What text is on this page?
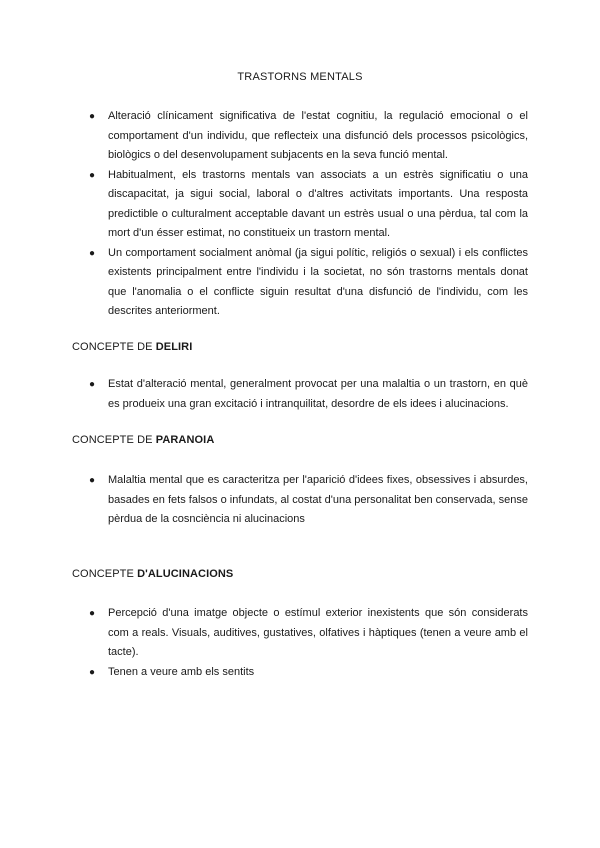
TRASTORNS MENTALS
● Alteració clínicament significativa de l'estat cognitiu, la regulació emocional o el comportament d'un individu, que reflecteix una disfunció dels processos psicològics, biològics o del desenvolupament subjacents en la seva funció mental.
● Habitualment, els trastorns mentals van associats a un estrès significatiu o una discapacitat, ja sigui social, laboral o d'altres activitats importants. Una resposta predictible o culturalment acceptable davant un estrès usual o una pèrdua, tal com la mort d'un ésser estimat, no constitueix un trastorn mental.
● Un comportament socialment anòmal (ja sigui polític, religiós o sexual) i els conflictes existents principalment entre l'individu i la societat, no són trastorns mentals donat que l'anomalia o el conflicte siguin resultat d'una disfunció de l'individu, com les descrites anteriorment.
CONCEPTE DE DELIRI
● Estat d'alteració mental, generalment provocat per una malaltia o un trastorn, en què es produeix una gran excitació i intranquilitat, desordre de els idees i alucinacions.
CONCEPTE DE PARANOIA
● Malaltia mental que es caracteritza per l'aparició d'idees fixes, obsessives i absurdes, basades en fets falsos o infundats, al costat d'una personalitat ben conservada, sense pèrdua de la cosnciència ni alucinacions
CONCEPTE D'ALUCINACIONS
● Percepció d'una imatge objecte o estímul exterior inexistents que són considerats com a reals. Visuals, auditives, gustatives, olfatives i hàptiques (tenen a veure amb el tacte).
● Tenen a veure amb els sentits
